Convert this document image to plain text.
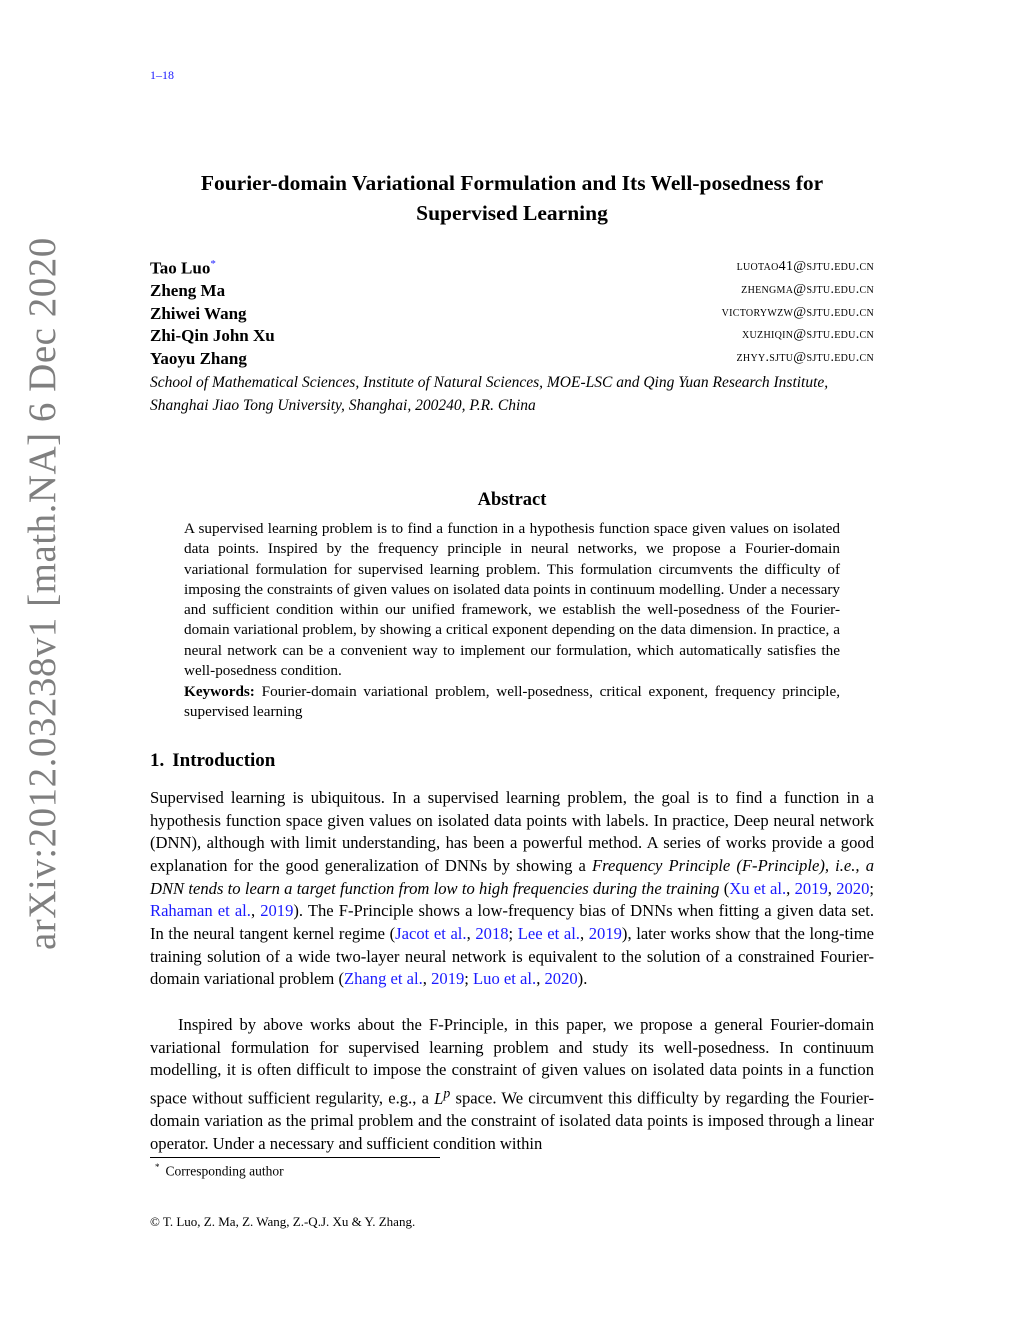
1–18
arXiv:2012.03238v1 [math.NA] 6 Dec 2020
Fourier-domain Variational Formulation and Its Well-posedness for
Supervised Learning
Tao Luo*	luotao41@sjtu.edu.cn
Zheng Ma	zhengma@sjtu.edu.cn
Zhiwei Wang	victorywzw@sjtu.edu.cn
Zhi-Qin John Xu	xuzhiqin@sjtu.edu.cn
Yaoyu Zhang	zhyy.sjtu@sjtu.edu.cn
School of Mathematical Sciences, Institute of Natural Sciences, MOE-LSC and Qing Yuan Research Institute,
Shanghai Jiao Tong University, Shanghai, 200240, P.R. China
Abstract
A supervised learning problem is to find a function in a hypothesis function space given values on isolated data points. Inspired by the frequency principle in neural networks, we propose a Fourier-domain variational formulation for supervised learning problem. This formulation circumvents the difficulty of imposing the constraints of given values on isolated data points in continuum modelling. Under a necessary and sufficient condition within our unified framework, we establish the well-posedness of the Fourier-domain variational problem, by showing a critical exponent depending on the data dimension. In practice, a neural network can be a convenient way to implement our formulation, which automatically satisfies the well-posedness condition.
Keywords: Fourier-domain variational problem, well-posedness, critical exponent, frequency principle, supervised learning
1. Introduction
Supervised learning is ubiquitous. In a supervised learning problem, the goal is to find a function in a hypothesis function space given values on isolated data points with labels. In practice, Deep neural network (DNN), although with limit understanding, has been a powerful method. A series of works provide a good explanation for the good generalization of DNNs by showing a Frequency Principle (F-Principle), i.e., a DNN tends to learn a target function from low to high frequencies during the training (Xu et al., 2019, 2020; Rahaman et al., 2019). The F-Principle shows a low-frequency bias of DNNs when fitting a given data set. In the neural tangent kernel regime (Jacot et al., 2018; Lee et al., 2019), later works show that the long-time training solution of a wide two-layer neural network is equivalent to the solution of a constrained Fourier-domain variational problem (Zhang et al., 2019; Luo et al., 2020).
Inspired by above works about the F-Principle, in this paper, we propose a general Fourier-domain variational formulation for supervised learning problem and study its well-posedness. In continuum modelling, it is often difficult to impose the constraint of given values on isolated data points in a function space without sufficient regularity, e.g., a $L^p$ space. We circumvent this difficulty by regarding the Fourier-domain variation as the primal problem and the constraint of isolated data points is imposed through a linear operator. Under a necessary and sufficient condition within
* Corresponding author
© T. Luo, Z. Ma, Z. Wang, Z.-Q.J. Xu & Y. Zhang.
